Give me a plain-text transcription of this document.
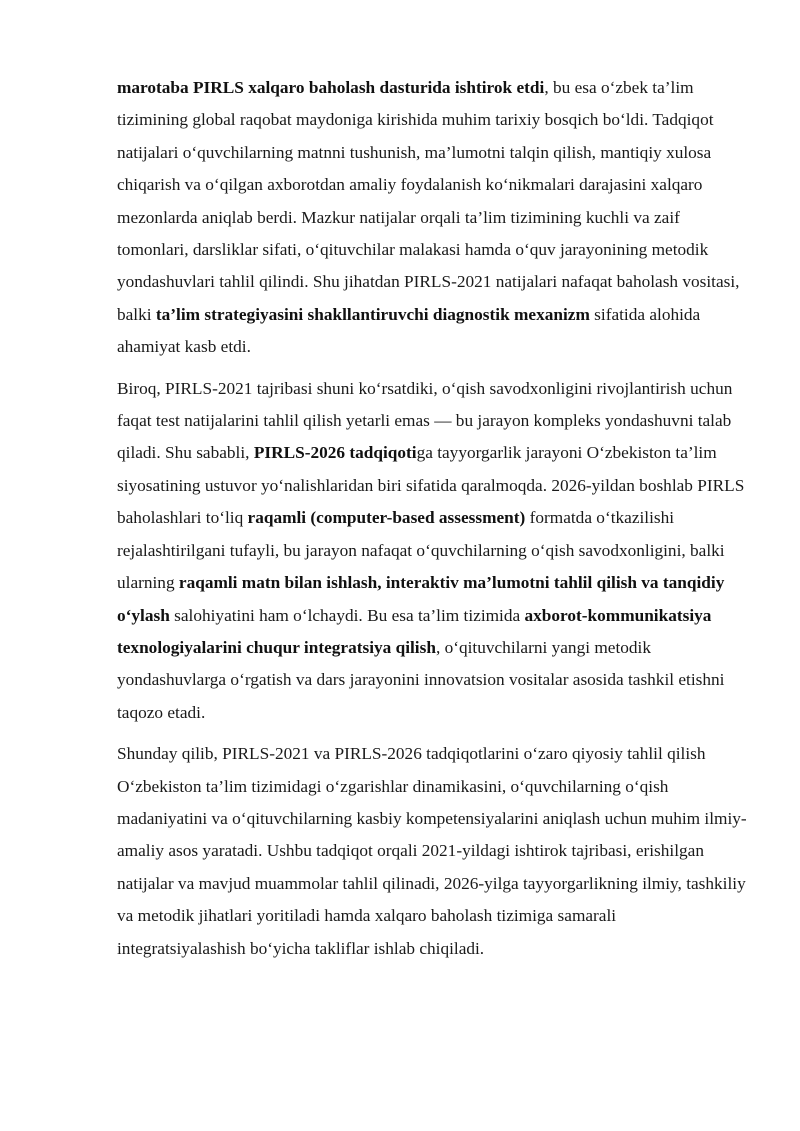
marotaba PIRLS xalqaro baholash dasturida ishtirok etdi, bu esa o‘zbek ta’lim tizimining global raqobat maydoniga kirishida muhim tarixiy bosqich bo‘ldi. Tadqiqot natijalari o‘quvchilarning matnni tushunish, ma’lumotni talqin qilish, mantiqiy xulosa chiqarish va o‘qilgan axborotdan amaliy foydalanish ko‘nikmalari darajasini xalqaro mezonlarda aniqlab berdi. Mazkur natijalar orqali ta’lim tizimining kuchli va zaif tomonlari, darsliklar sifati, o‘qituvchilar malakasi hamda o‘quv jarayonining metodik yondashuvlari tahlil qilindi. Shu jihatdan PIRLS-2021 natijalari nafaqat baholash vositasi, balki ta’lim strategiyasini shakllantiruvchi diagnostik mexanizm sifatida alohida ahamiyat kasb etdi.

Biroq, PIRLS-2021 tajribasi shuni ko‘rsatdiki, o‘qish savodxonligini rivojlantirish uchun faqat test natijalarini tahlil qilish yetarli emas — bu jarayon kompleks yondashuvni talab qiladi. Shu sababli, PIRLS-2026 tadqiqotiga tayyorgarlik jarayoni O‘zbekiston ta’lim siyosatining ustuvor yo‘nalishlaridan biri sifatida qaralmoqda. 2026-yildan boshlab PIRLS baholashlari to‘liq raqamli (computer-based assessment) formatda o‘tkazilishi rejalashtirilgani tufayli, bu jarayon nafaqat o‘quvchilarning o‘qish savodxonligini, balki ularning raqamli matn bilan ishlash, interaktiv ma’lumotni tahlil qilish va tanqidiy o‘ylash salohiyatini ham o‘lchaydi. Bu esa ta’lim tizimida axborot-kommunikatsiya texnologiyalarini chuqur integratsiya qilish, o‘qituvchilarni yangi metodik yondashuvlarga o‘rgatish va dars jarayonini innovatsion vositalar asosida tashkil etishni taqozo etadi.

Shunday qilib, PIRLS-2021 va PIRLS-2026 tadqiqotlarini o‘zaro qiyosiy tahlil qilish O‘zbekiston ta’lim tizimidagi o‘zgarishlar dinamikasini, o‘quvchilarning o‘qish madaniyatini va o‘qituvchilarning kasbiy kompetensiyalarini aniqlash uchun muhim ilmiy-amaliy asos yaratadi. Ushbu tadqiqot orqali 2021-yildagi ishtirok tajribasi, erishilgan natijalar va mavjud muammolar tahlil qilinadi, 2026-yilga tayyorgarlikning ilmiy, tashkiliy va metodik jihatlari yoritiladi hamda xalqaro baholash tizimiga samarali integratsiyalashish bo‘yicha takliflar ishlab chiqiladi.
